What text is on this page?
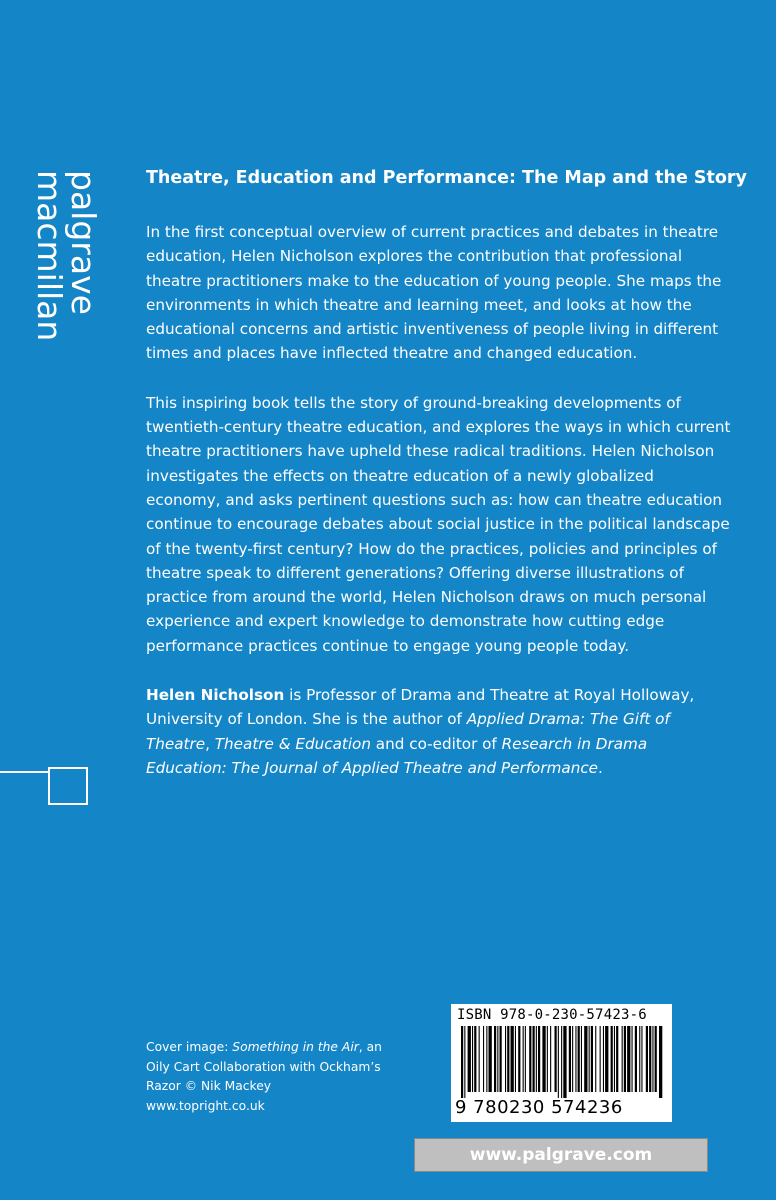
palgrave
macmillan	Theatre, Education and Performance: The Map and the Story

In the first conceptual overview of current practices and debates in theatre education, Helen Nicholson explores the contribution that professional theatre practitioners make to the education of young people. She maps the environments in which theatre and learning meet, and looks at how the educational concerns and artistic inventiveness of people living in different times and places have inflected theatre and changed education.

This inspiring book tells the story of ground-breaking developments of twentieth-century theatre education, and explores the ways in which current theatre practitioners have upheld these radical traditions. Helen Nicholson investigates the effects on theatre education of a newly globalized economy, and asks pertinent questions such as: how can theatre education continue to encourage debates about social justice in the political landscape of the twenty-first century? How do the practices, policies and principles of theatre speak to different generations? Offering diverse illustrations of practice from around the world, Helen Nicholson draws on much personal experience and expert knowledge to demonstrate how cutting edge performance practices continue to engage young people today.

Helen Nicholson is Professor of Drama and Theatre at Royal Holloway, University of London. She is the author of Applied Drama: The Gift of Theatre, Theatre & Education and co-editor of Research in Drama Education: The Journal of Applied Theatre and Performance.

Cover image: Something in the Air, an Oily Cart Collaboration with Ockham’s Razor © Nik Mackey
www.topright.co.uk
ISBN 978-0-230-57423-6
9 780230 574236
www.palgrave.com
